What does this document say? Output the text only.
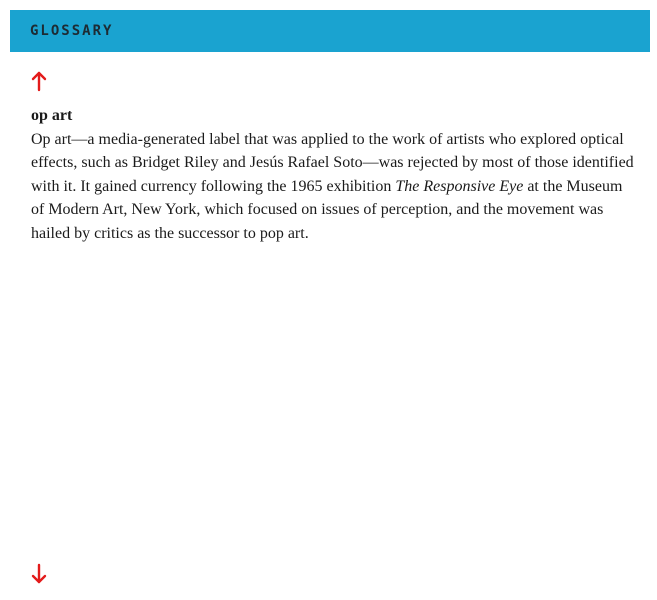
GLOSSARY

op art

Op art—a media-generated label that was applied to the work of artists who explored optical effects, such as Bridget Riley and Jesús Rafael Soto—was rejected by most of those identified with it. It gained currency following the 1965 exhibition The Responsive Eye at the Museum of Modern Art, New York, which focused on issues of perception, and the movement was hailed by critics as the successor to pop art.
